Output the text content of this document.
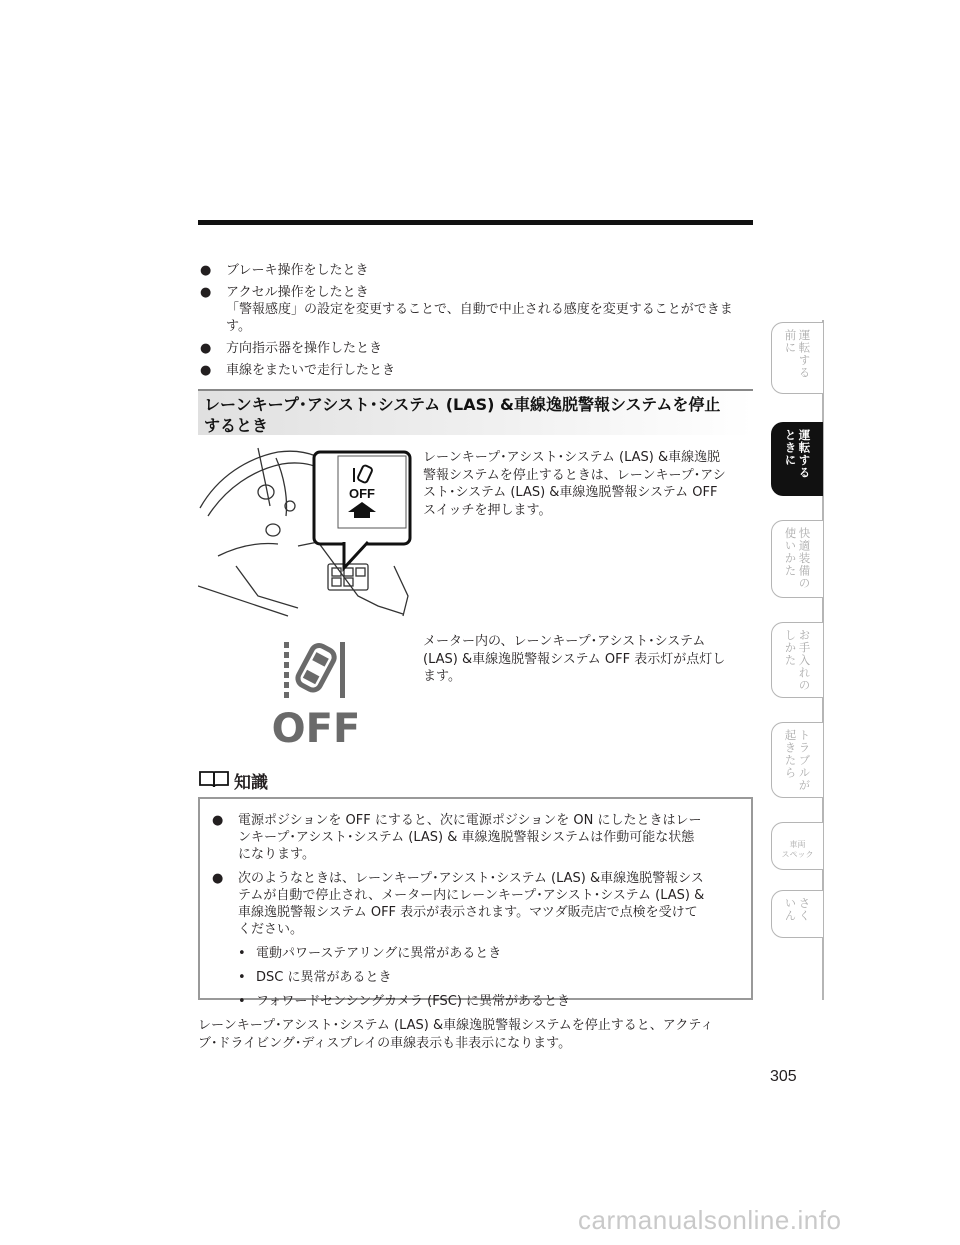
● ブレーキ操作をしたとき
● アクセル操作をしたとき
「警報感度」の設定を変更することで、自動で中止される感度を変更することができま
す。
● 方向指示器を操作したとき
● 車線をまたいで走行したとき
レーンキープ･アシスト･システム (LAS) &車線逸脱警報システムを停止
するとき
OFF
レーンキープ･アシスト･システム (LAS) &車線逸脱
警報システムを停止するときは、レーンキープ･アシ
スト･システム (LAS) &車線逸脱警報システム OFF
スイッチを押します。
OFF
メーター内の、レーンキープ･アシスト･システム
(LAS) &車線逸脱警報システム OFF 表示灯が点灯し
ます。
知識
● 電源ポジションを OFF にすると、次に電源ポジションを ON にしたときはレー
ンキープ･アシスト･システム (LAS) & 車線逸脱警報システムは作動可能な状態
になります。
● 次のようなときは、レーンキープ･アシスト･システム (LAS) &車線逸脱警報シス
テムが自動で停止され、メーター内にレーンキープ･アシスト･システム (LAS) &
車線逸脱警報システム OFF 表示が表示されます。マツダ販売店で点検を受けて
ください。
• 電動パワーステアリングに異常があるとき
• DSC に異常があるとき
• フォワードセンシングカメラ (FSC) に異常があるとき
レーンキープ･アシスト･システム (LAS) &車線逸脱警報システムを停止すると、アクティ
ブ･ドライビング･ディスプレイの車線表示も非表示になります。
305
運転する
前に
運転する
ときに
快適装備の
使いかた
お手入れの
しかた
トラブルが
起きたら
車両
スペック
さく
いん
carmanualsonline.info
